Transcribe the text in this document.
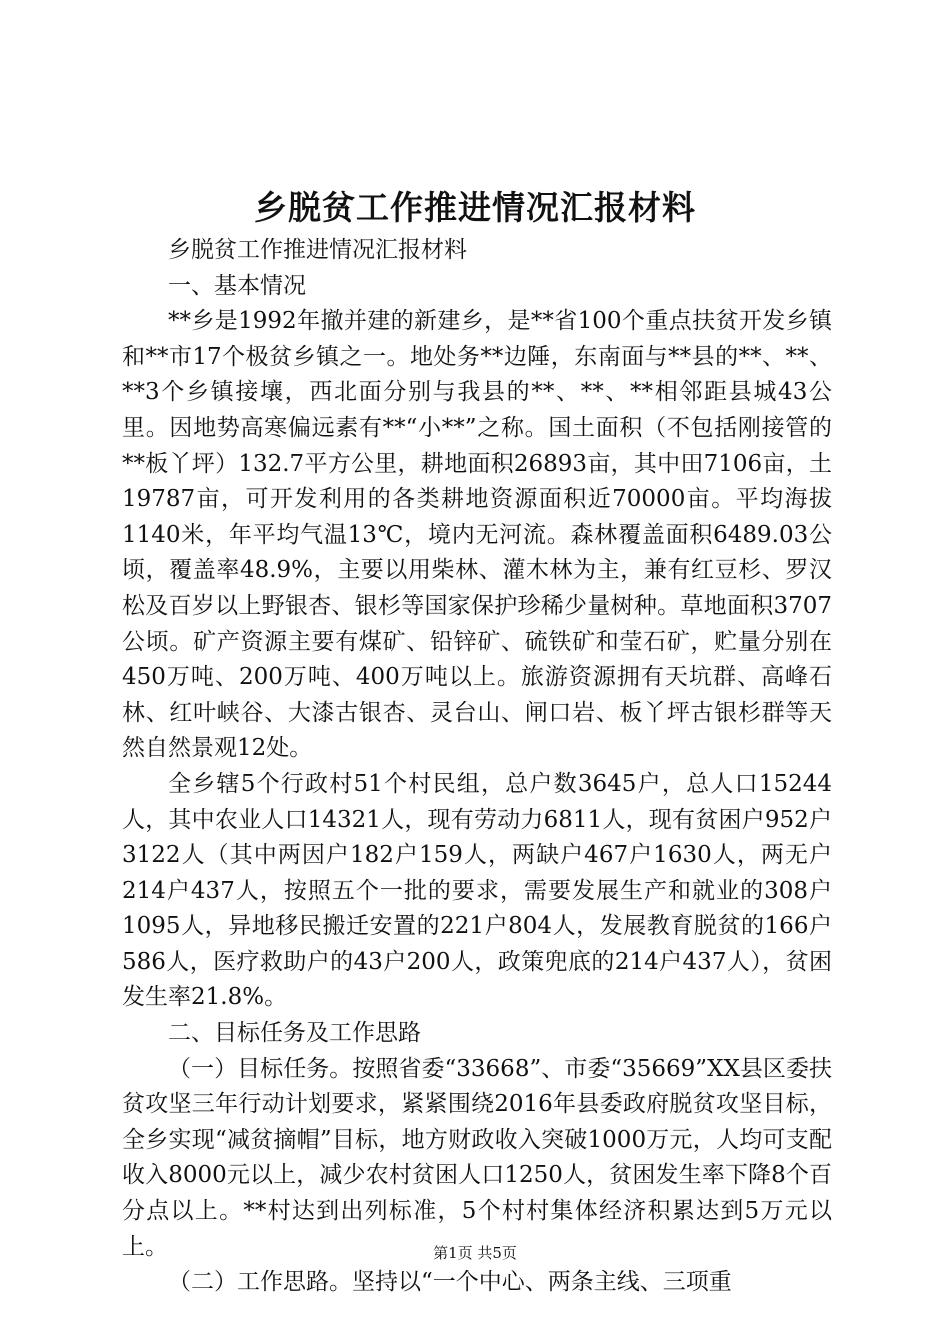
乡脱贫工作推进情况汇报材料

乡脱贫工作推进情况汇报材料

一、基本情况

**乡是1992年撤并建的新建乡，是**省100个重点扶贫开发乡镇和**市17个极贫乡镇之一。地处务**边陲，东南面与**县的**、**、**3个乡镇接壤，西北面分别与我县的**、**、**相邻距县城43公里。因地势高寒偏远素有**“小**”之称。国土面积（不包括刚接管的**板丫坪）132.7平方公里，耕地面积26893亩，其中田7106亩，土19787亩，可开发利用的各类耕地资源面积近70000亩。平均海拔1140米，年平均气温13℃，境内无河流。森林覆盖面积6489.03公顷，覆盖率48.9%，主要以用柴林、灌木林为主，兼有红豆杉、罗汉松及百岁以上野银杏、银杉等国家保护珍稀少量树种。草地面积3707公顷。矿产资源主要有煤矿、铅锌矿、硫铁矿和莹石矿，贮量分别在450万吨、200万吨、400万吨以上。旅游资源拥有天坑群、高峰石林、红叶峡谷、大漆古银杏、灵台山、闸口岩、板丫坪古银杉群等天然自然景观12处。

全乡辖5个行政村51个村民组，总户数3645户，总人口15244人，其中农业人口14321人，现有劳动力6811人，现有贫困户952户3122人（其中两因户182户159人，两缺户467户1630人，两无户214户437人，按照五个一批的要求，需要发展生产和就业的308户1095人，异地移民搬迁安置的221户804人，发展教育脱贫的166户586人，医疗救助户的43户200人，政策兜底的214户437人），贫困发生率21.8%。

二、目标任务及工作思路

（一）目标任务。按照省委“33668”、市委“35669”XX县区委扶贫攻坚三年行动计划要求，紧紧围绕2016年县委政府脱贫攻坚目标，全乡实现“减贫摘帽”目标，地方财政收入突破1000万元，人均可支配收入8000元以上，减少农村贫困人口1250人，贫困发生率下降8个百分点以上。**村达到出列标准，5个村村集体经济积累达到5万元以上。

（二）工作思路。坚持以“一个中心、两条主线、三项重

第1页 共5页
